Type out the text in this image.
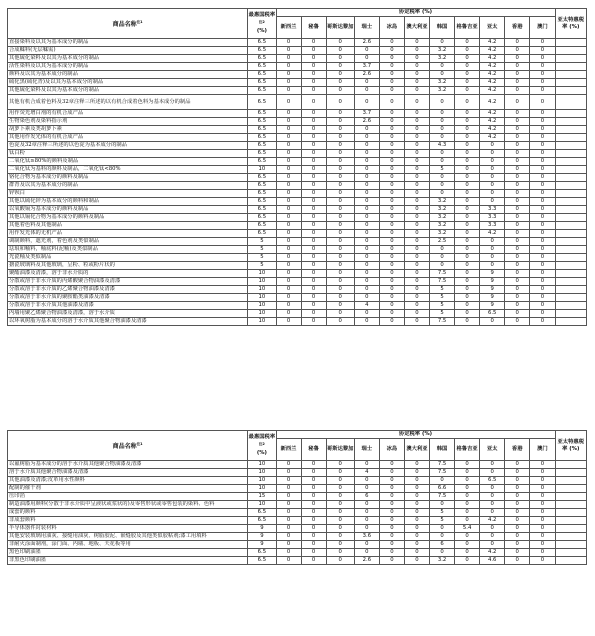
商品名称$^{注1}$	最惠国税率$^{注2}$
(%)	协定税率 (%)											亚太特惠税率 (%)
		新西兰	秘鲁	哥斯达黎加	瑞士	冰岛	澳大利亚	韩国	格鲁吉亚	亚太	香港	澳门	
直接染料及以其为基本成分的制品	6.5	0	0	0	2.6	0	0	0	0	4.2	0	0	
合成鞣料(无层鞣需)	6.5	0	0	0	0	0	0	3.2	0	4.2	0	0	
其他硫化染料及以其为基本成分的制品	6.5	0	0	0	0	0	0	3.2	0	4.2	0	0	
活性染料及以其为基本成分的制品	6.5	0	0	0	3.7	0	0	0	0	4.2	0	0	
颜料及以其为基本成分的制品	6.5	0	0	0	2.6	0	0	0	0	4.2	0	0	
硫化黑(硫化青)及以其为基本成分的制品	6.5	0	0	0	0	0	0	3.2	0	4.2	0	0	
其他硫化染料及以其为基本成分的制品	6.5	0	0	0	0	0	0	3.2	0	4.2	0	0	
其他有机合成着色料及32章注释三所述的以有机合成着色料为基本成分的制品	6.5	0	0	0	0	0	0	0	0	4.2	0	0	
用作荧光增白剂的有机合成产品	6.5	0	0	0	3.7	0	0	0	0	4.2	0	0	
生物染色剂及染料指示剂	6.5	0	0	0	2.6	0	0	0	0	4.2	0	0	
胡萝卜素及类胡萝卜素	6.5	0	0	0	0	0	0	0	0	4.2	0	0	
其他用作发光体的有机合成产品	6.5	0	0	0	0	0	0	0	0	4.2	0	0	
色淀及32章注释三所述的以色淀为基本成分的制品	6.5	0	0	0	0	0	0	4.3	0	0	0	0	
钛白粉	6.5	0	0	0	0	0	0	0	0	0	0	0	
二氧化钛≥80%的颜料及制品	6.5	0	0	0	0	0	0	0	0	0	0	0	
二氧化钛为基料的颜料及制品，二氧化钛<80%	10	0	0	0	0	0	0	5	0	0	0	0	
铬化合物为基本成分的颜料及制品	6.5	0	0	0	0	0	0	0	0	0	0	0	
群青及以其为基本成分的制品	6.5	0	0	0	0	0	0	0	0	0	0	0	
锌钡白	6.5	0	0	0	0	0	0	0	0	0	0	0	
其他以硫化锌为基本成分的颜料和制品	6.5	0	0	0	0	0	0	3.2	0	0	0	0	
以氧酸镉为基本成分的颜料及制品	6.5	0	0	0	0	0	0	3.2	0	3.3	0	0	
其他以镉化合物为基本成分的颜料及制品	6.5	0	0	0	0	0	0	3.2	0	3.3	0	0	
其他着色料及其他制品	6.5	0	0	0	0	0	0	3.2	0	3.3	0	0	
用作发光体的无机产品	6.5	0	0	0	0	0	0	3.2	0	4.2	0	0	
调制颜料，遮光剂，着色剂及类似制品	5	0	0	0	0	0	0	2.5	0	0	0	0	
珐琅和釉料，釉底料(泥釉)及类似制品	5	0	0	0	0	0	0	0	0	0	0	0	
光瓷釉及类似制品	5	0	0	0	0	0	0	0	0	0	0	0	
搪瓷玻璃料及其他玻璃，呈粉、粒或粉片状的	5	0	0	0	0	0	0	0	0	0	0	0	
聚酯油漆及清漆，溶于非水介质的	10	0	0	0	0	0	0	7.5	0	9	0	0	
分散或溶于非水介质的丙烯酸聚合物油漆及清漆	10	0	0	0	0	0	0	7.5	0	9	0	0	
分散或溶于非水介质的乙烯聚合物油漆及清漆	10	0	0	0	0	0	0	5	0	9	0	0	
分散或溶于非水介质的聚胺酯类油漆及清漆	10	0	0	0	0	0	0	5	0	9	0	0	
分散或溶于非水介质其他油漆及清漆	10	0	0	0	4	0	0	5	0	9	0	0	
内墙用聚乙烯聚合物油漆及清漆，溶于水介质	10	0	0	0	0	0	0	5	0	6.5	0	0	
以环氧树脂为基本成分的溶于水介质其他聚合物油漆及清漆	10	0	0	0	0	0	0	7.5	0	0	0	0	
商品名称$^{注1}$	最惠国税率$^{注2}$
(%)	协定税率 (%)											亚太特惠税率 (%)
		新西兰	秘鲁	哥斯达黎加	瑞士	冰岛	澳大利亚	韩国	格鲁吉亚	亚太	香港	澳门	
以氟树脂为基本成分的溶于水介质其他聚合物油漆及清漆	10	0	0	0	0	0	0	7.5	0	0	0	0	
溶于水介质其他聚合物油漆及清漆	10	0	0	0	4	0	0	7.5	0	0	0	0	
其他油漆及清漆;皮革用水性颜料	10	0	0	0	0	0	0	0	0	6.5	0	0	
配制的催干剂	10	0	0	0	0	0	0	6.6	0	0	0	0	
压印箔	15	0	0	0	6	0	0	7.5	0	0	0	0	
制造油漆用颜料(分散于非水介质中呈液状或浆状的)及零售形状或零售包装的染料、色料	10	0	0	0	0	0	0	0	0	0	0	0	
成套的颜料	6.5	0	0	0	0	0	0	5	0	0	0	0	
非成套颜料	6.5	0	0	0	0	0	0	5	0	4.2	0	0	
半导体器件封装材料	9	0	0	0	0	0	0	0	5.4	0	0	0	
其他安装玻璃用油灰、接缝用油灰、树脂胶泥、嵌缝胶及其他类似胶粘剂;漆工用填料	9	0	0	0	3.6	0	0	0	0	0	0	0	
非耐火涂面制剂，涂门面、内墙、地板、天花板等用	9	0	0	0	0	0	0	6	0	0	0	0	
黑色印刷油墨	6.5	0	0	0	0	0	0	0	0	4.2	0	0	
非黑色印刷油墨	6.5	0	0	0	2.6	0	0	3.2	0	4.6	0	0	
